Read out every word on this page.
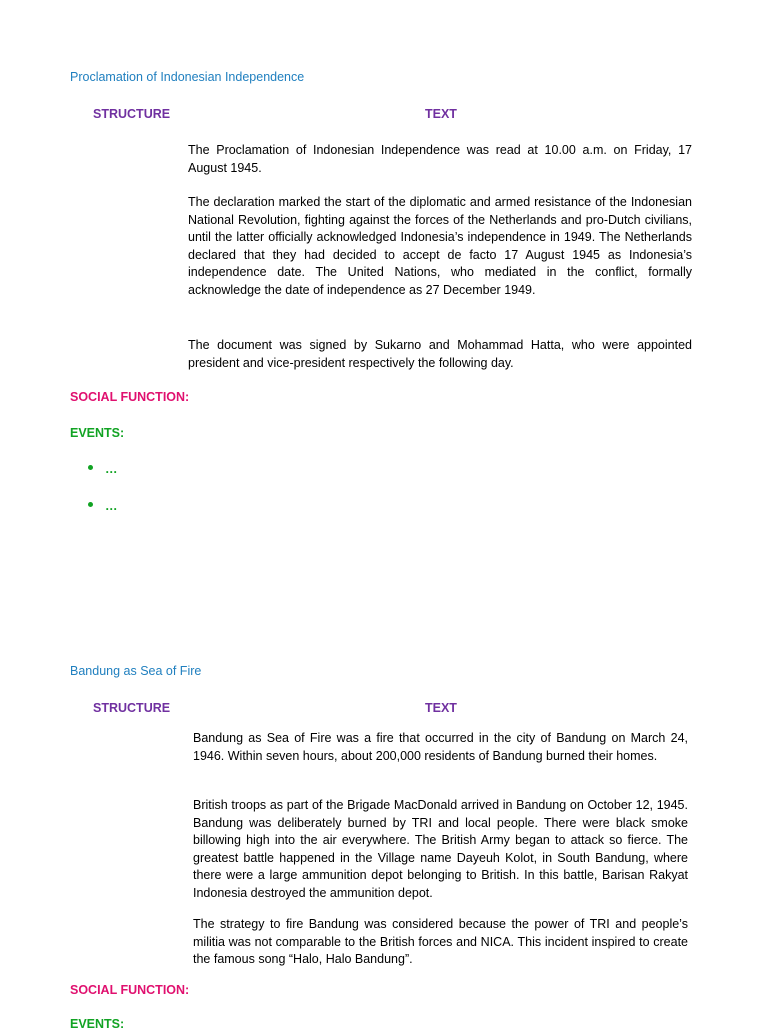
Proclamation of Indonesian Independence
STRUCTURE	TEXT

The Proclamation of Indonesian Independence was read at 10.00 a.m. on Friday, 17 August 1945.

The declaration marked the start of the diplomatic and armed resistance of the Indonesian National Revolution, fighting against the forces of the Netherlands and pro-Dutch civilians, until the latter officially acknowledged Indonesia’s independence in 1949. The Netherlands declared that they had decided to accept de facto 17 August 1945 as Indonesia’s independence date. The United Nations, who mediated in the conflict, formally acknowledge the date of independence as 27 December 1949.

The document was signed by Sukarno and Mohammad Hatta, who were appointed president and vice-president respectively the following day.

SOCIAL FUNCTION:
EVENTS:
…
…
Bandung as Sea of Fire
STRUCTURE	TEXT

Bandung as Sea of Fire was a fire that occurred in the city of Bandung on March 24, 1946. Within seven hours, about 200,000 residents of Bandung burned their homes.

British troops as part of the Brigade MacDonald arrived in Bandung on October 12, 1945. Bandung was deliberately burned by TRI and local people. There were black smoke billowing high into the air everywhere. The British Army began to attack so fierce. The greatest battle happened in the Village name Dayeuh Kolot, in South Bandung, where there were a large ammunition depot belonging to British. In this battle, Barisan Rakyat Indonesia destroyed the ammunition depot.

The strategy to fire Bandung was considered because the power of TRI and people’s militia was not comparable to the British forces and NICA. This incident inspired to create the famous song “Halo, Halo Bandung”.

SOCIAL FUNCTION:
EVENTS:
